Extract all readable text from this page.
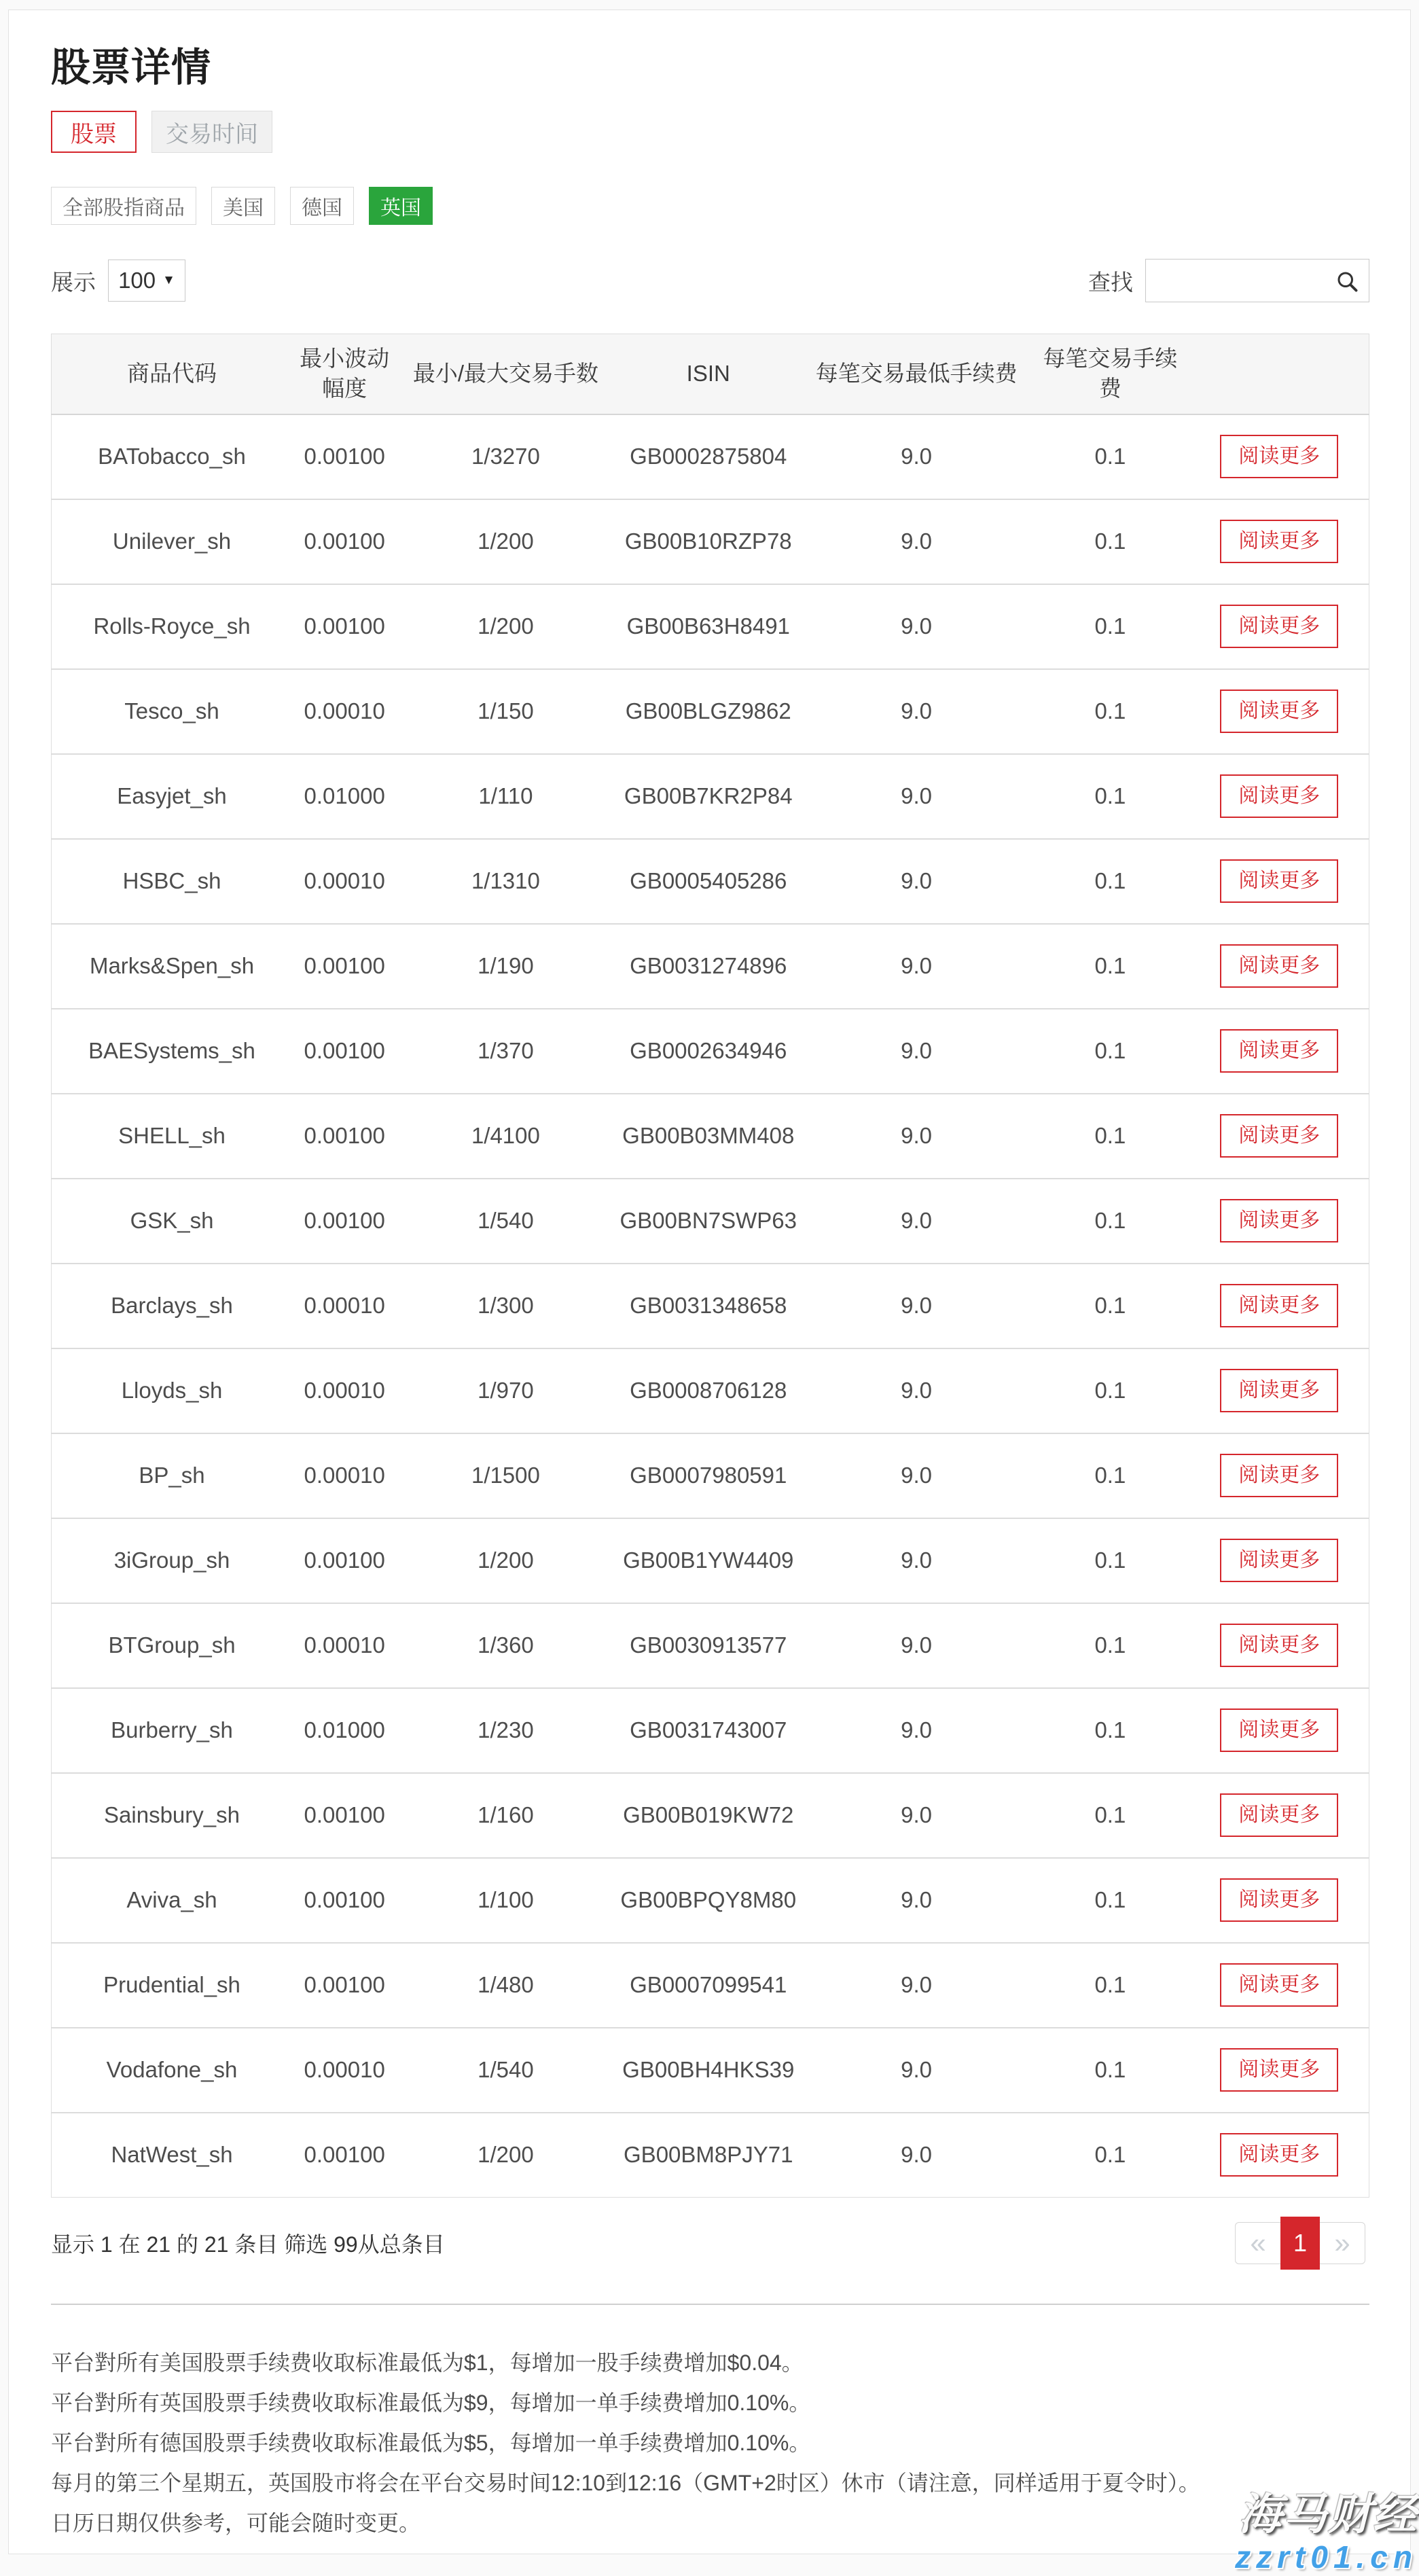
股票详情
股票	交易时间
全部股指商品	美国	德国	英国
展示 100 ▼	查找
商品代码	最小波动幅度	最小/最大交易手数	ISIN	每笔交易最低手续费	每笔交易手续费	
BATobacco_sh	0.00100	1/3270	GB0002875804	9.0	0.1	阅读更多
Unilever_sh	0.00100	1/200	GB00B10RZP78	9.0	0.1	阅读更多
Rolls-Royce_sh	0.00100	1/200	GB00B63H8491	9.0	0.1	阅读更多
Tesco_sh	0.00010	1/150	GB00BLGZ9862	9.0	0.1	阅读更多
Easyjet_sh	0.01000	1/110	GB00B7KR2P84	9.0	0.1	阅读更多
HSBC_sh	0.00010	1/1310	GB0005405286	9.0	0.1	阅读更多
Marks&Spen_sh	0.00100	1/190	GB0031274896	9.0	0.1	阅读更多
BAESystems_sh	0.00100	1/370	GB0002634946	9.0	0.1	阅读更多
SHELL_sh	0.00100	1/4100	GB00B03MM408	9.0	0.1	阅读更多
GSK_sh	0.00100	1/540	GB00BN7SWP63	9.0	0.1	阅读更多
Barclays_sh	0.00010	1/300	GB0031348658	9.0	0.1	阅读更多
Lloyds_sh	0.00010	1/970	GB0008706128	9.0	0.1	阅读更多
BP_sh	0.00010	1/1500	GB0007980591	9.0	0.1	阅读更多
3iGroup_sh	0.00100	1/200	GB00B1YW4409	9.0	0.1	阅读更多
BTGroup_sh	0.00010	1/360	GB0030913577	9.0	0.1	阅读更多
Burberry_sh	0.01000	1/230	GB0031743007	9.0	0.1	阅读更多
Sainsbury_sh	0.00100	1/160	GB00B019KW72	9.0	0.1	阅读更多
Aviva_sh	0.00100	1/100	GB00BPQY8M80	9.0	0.1	阅读更多
Prudential_sh	0.00100	1/480	GB0007099541	9.0	0.1	阅读更多
Vodafone_sh	0.00010	1/540	GB00BH4HKS39	9.0	0.1	阅读更多
NatWest_sh	0.00100	1/200	GB00BM8PJY71	9.0	0.1	阅读更多
显示 1 在 21 的 21 条目 筛选 99从总条目	«	1 »

平台對所有美国股票手续费收取标准最低为$1，每增加一股手续费增加$0.04。

平台對所有英国股票手续费收取标准最低为$9，每增加一单手续费增加0.10%。

平台對所有德国股票手续费收取标准最低为$5，每增加一单手续费增加0.10%。

每月的第三个星期五，英国股市将会在平台交易时间12:10到12:16（GMT+2时区）休市（请注意，同样适用于夏令时）。

日历日期仅供参考，可能会随时变更。	海马财经
zzrt01.cn
